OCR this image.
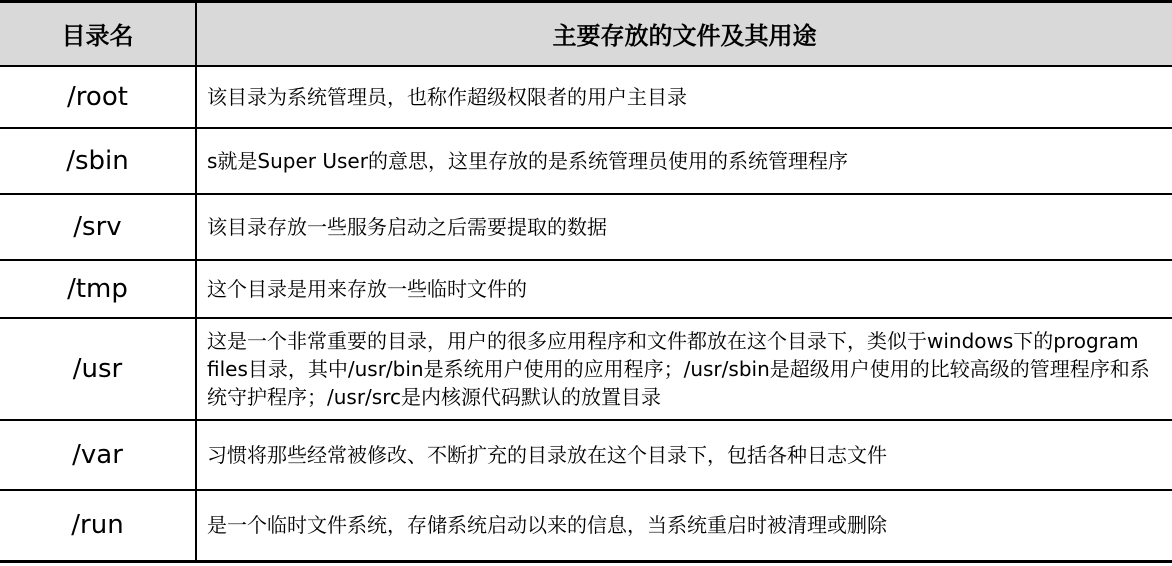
目录名	主要存放的文件及其用途
/root	该目录为系统管理员，也称作超级权限者的用户主目录
/sbin	s就是Super User的意思，这里存放的是系统管理员使用的系统管理程序
/srv	该目录存放一些服务启动之后需要提取的数据
/tmp	这个目录是用来存放一些临时文件的
/usr	这是一个非常重要的目录，用户的很多应用程序和文件都放在这个目录下，类似于windows下的program files目录，其中/usr/bin是系统用户使用的应用程序；/usr/sbin是超级用户使用的比较高级的管理程序和系统守护程序；/usr/src是内核源代码默认的放置目录
/var	习惯将那些经常被修改、不断扩充的目录放在这个目录下，包括各种日志文件
/run	是一个临时文件系统，存储系统启动以来的信息，当系统重启时被清理或删除
